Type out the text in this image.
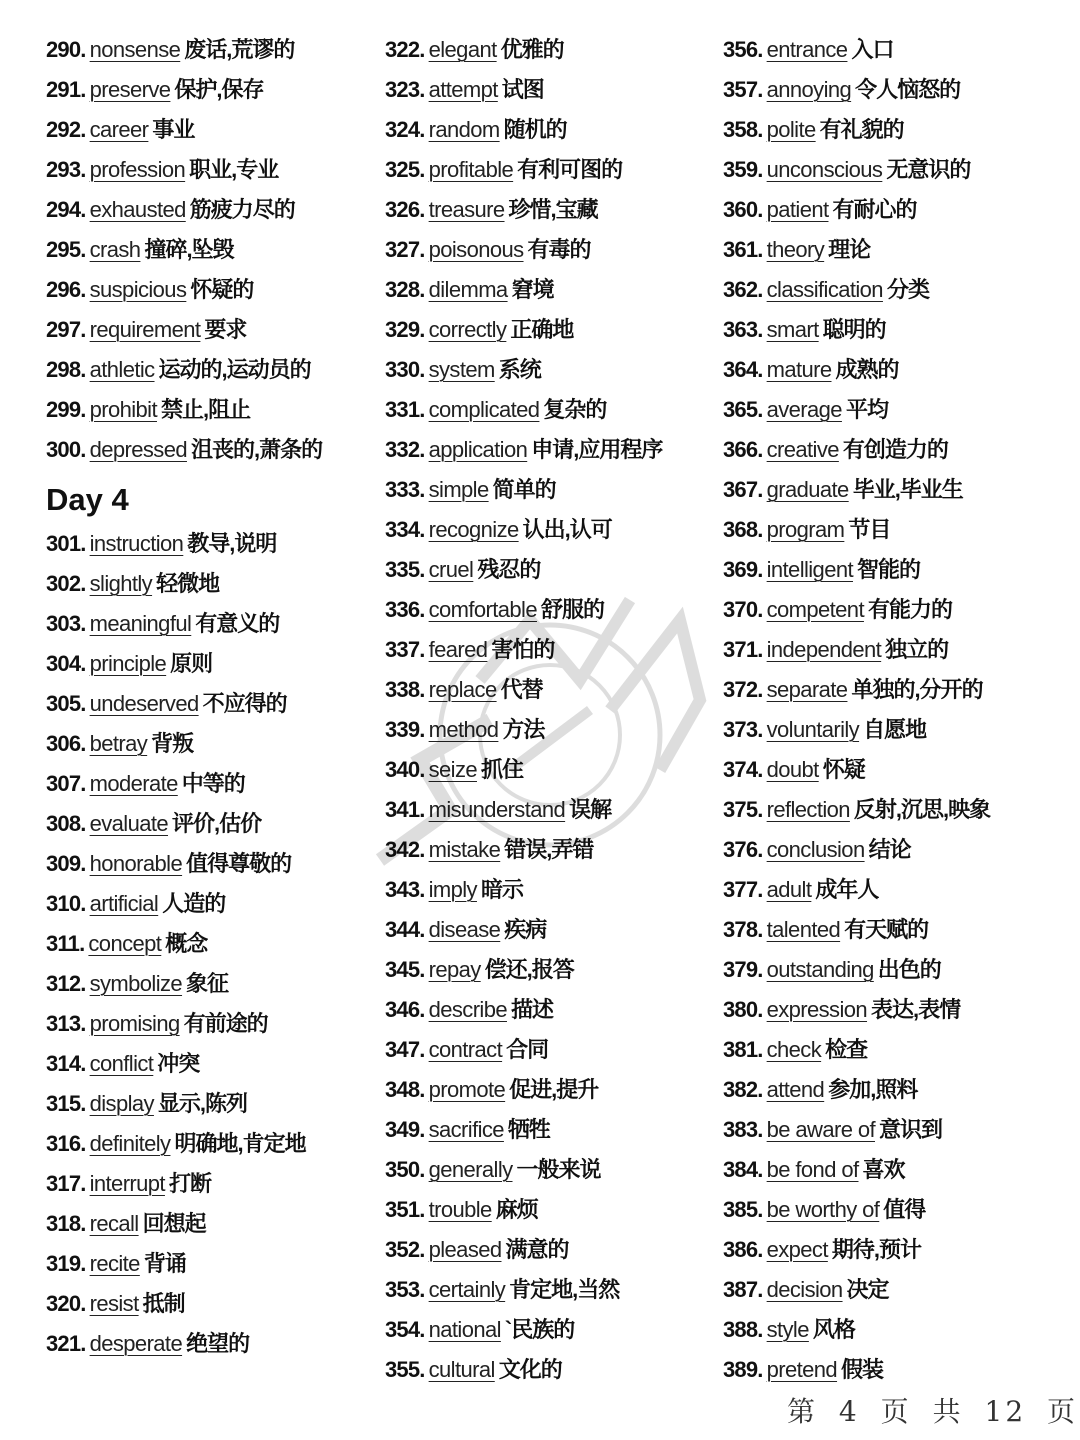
290. nonsense 废话,荒谬的
291. preserve 保护,保存
292. career 事业
293. profession 职业,专业
294. exhausted 筋疲力尽的
295. crash 撞碎,坠毁
296. suspicious 怀疑的
297. requirement 要求
298. athletic 运动的,运动员的
299. prohibit 禁止,阻止
300. depressed 沮丧的,萧条的
Day 4
301. instruction 教导,说明
302. slightly 轻微地
303. meaningful 有意义的
304. principle 原则
305. undeserved 不应得的
306. betray 背叛
307. moderate 中等的
308. evaluate 评价,估价
309. honorable 值得尊敬的
310. artificial 人造的
311. concept 概念
312. symbolize 象征
313. promising 有前途的
314. conflict 冲突
315. display 显示,陈列
316. definitely 明确地,肯定地
317. interrupt 打断
318. recall 回想起
319. recite 背诵
320. resist 抵制
321. desperate 绝望的
322. elegant 优雅的
323. attempt 试图
324. random 随机的
325. profitable 有利可图的
326. treasure 珍惜,宝藏
327. poisonous 有毒的
328. dilemma 窘境
329. correctly 正确地
330. system 系统
331. complicated 复杂的
332. application 申请,应用程序
333. simple 简单的
334. recognize 认出,认可
335. cruel 残忍的
336. comfortable 舒服的
337. feared 害怕的
338. replace 代替
339. method 方法
340. seize 抓住
341. misunderstand 误解
342. mistake 错误,弄错
343. imply 暗示
344. disease 疾病
345. repay 偿还,报答
346. describe 描述
347. contract 合同
348. promote 促进,提升
349. sacrifice 牺牲
350. generally 一般来说
351. trouble 麻烦
352. pleased 满意的
353. certainly 肯定地,当然
354. national `民族的
355. cultural 文化的
356. entrance 入口
357. annoying 令人恼怒的
358. polite 有礼貌的
359. unconscious 无意识的
360. patient 有耐心的
361. theory 理论
362. classification 分类
363. smart 聪明的
364. mature 成熟的
365. average 平均
366. creative 有创造力的
367. graduate 毕业,毕业生
368. program 节目
369. intelligent 智能的
370. competent 有能力的
371. independent 独立的
372. separate 单独的,分开的
373. voluntarily 自愿地
374. doubt 怀疑
375. reflection 反射,沉思,映象
376. conclusion 结论
377. adult 成年人
378. talented 有天赋的
379. outstanding 出色的
380. expression 表达,表情
381. check 检查
382. attend 参加,照料
383. be aware of 意识到
384. be fond of 喜欢
385. be worthy of 值得
386. expect 期待,预计
387. decision 决定
388. style 风格
389. pretend 假装
第 4 页 共 12 页
